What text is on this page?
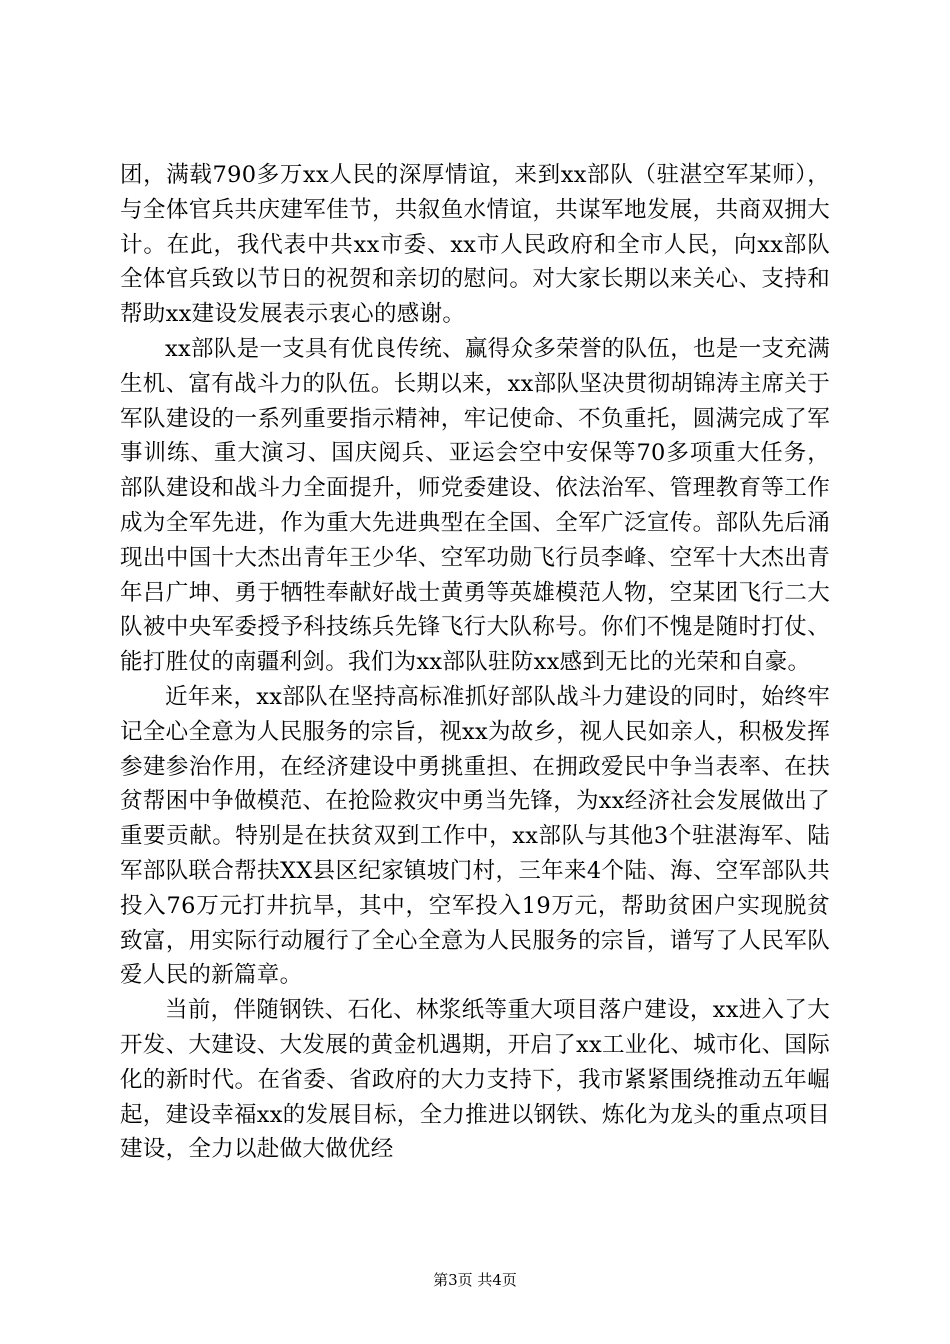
团，满载790多万xx人民的深厚情谊，来到xx部队（驻湛空军某师），与全体官兵共庆建军佳节，共叙鱼水情谊，共谋军地发展，共商双拥大计。在此，我代表中共xx市委、xx市人民政府和全市人民，向xx部队全体官兵致以节日的祝贺和亲切的慰问。对大家长期以来关心、支持和帮助xx建设发展表示衷心的感谢。

xx部队是一支具有优良传统、赢得众多荣誉的队伍，也是一支充满生机、富有战斗力的队伍。长期以来，xx部队坚决贯彻胡锦涛主席关于军队建设的一系列重要指示精神，牢记使命、不负重托，圆满完成了军事训练、重大演习、国庆阅兵、亚运会空中安保等70多项重大任务，部队建设和战斗力全面提升，师党委建设、依法治军、管理教育等工作成为全军先进，作为重大先进典型在全国、全军广泛宣传。部队先后涌现出中国十大杰出青年王少华、空军功勋飞行员李峰、空军十大杰出青年吕广坤、勇于牺牲奉献好战士黄勇等英雄模范人物，空某团飞行二大队被中央军委授予科技练兵先锋飞行大队称号。你们不愧是随时打仗、能打胜仗的南疆利剑。我们为xx部队驻防xx感到无比的光荣和自豪。

近年来，xx部队在坚持高标准抓好部队战斗力建设的同时，始终牢记全心全意为人民服务的宗旨，视xx为故乡，视人民如亲人，积极发挥参建参治作用，在经济建设中勇挑重担、在拥政爱民中争当表率、在扶贫帮困中争做模范、在抢险救灾中勇当先锋，为xx经济社会发展做出了重要贡献。特别是在扶贫双到工作中，xx部队与其他3个驻湛海军、陆军部队联合帮扶XX县区纪家镇坡门村，三年来4个陆、海、空军部队共投入76万元打井抗旱，其中，空军投入19万元，帮助贫困户实现脱贫致富，用实际行动履行了全心全意为人民服务的宗旨，谱写了人民军队爱人民的新篇章。

当前，伴随钢铁、石化、林浆纸等重大项目落户建设，xx进入了大开发、大建设、大发展的黄金机遇期，开启了xx工业化、城市化、国际化的新时代。在省委、省政府的大力支持下，我市紧紧围绕推动五年崛起，建设幸福xx的发展目标，全力推进以钢铁、炼化为龙头的重点项目建设，全力以赴做大做优经

第3页 共4页
